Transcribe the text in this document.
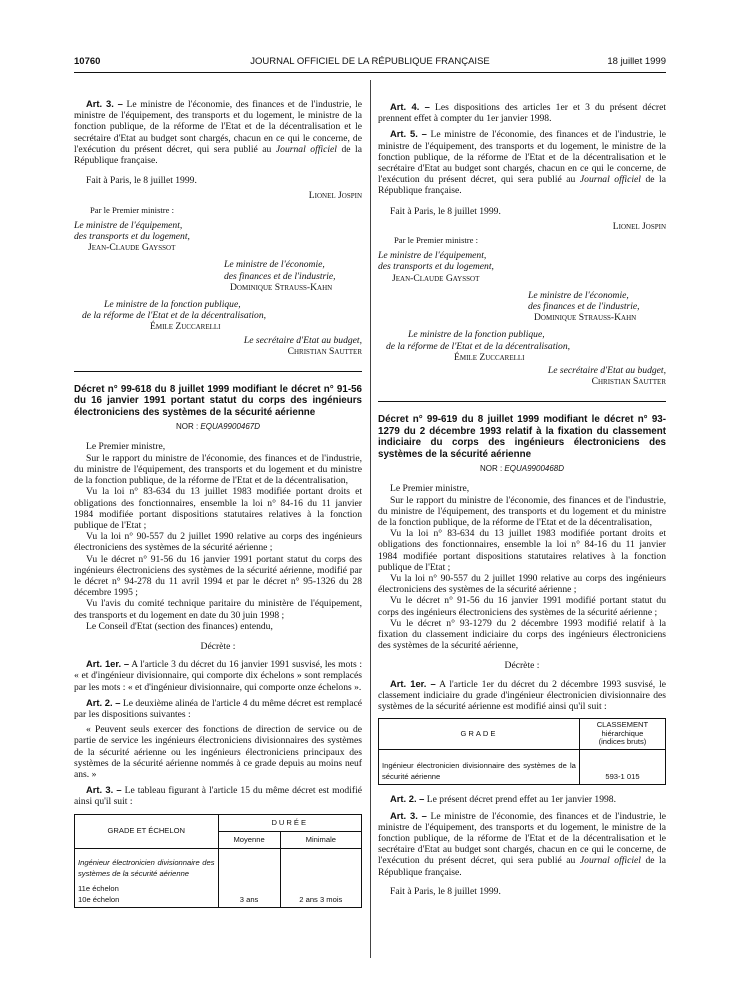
10760	JOURNAL OFFICIEL DE LA RÉPUBLIQUE FRANÇAISE	18 juillet 1999

Art. 3. – Le ministre de l'économie, des finances et de l'industrie, le ministre de l'équipement, des transports et du logement, le ministre de la fonction publique, de la réforme de l'Etat et de la décentralisation et le secrétaire d'Etat au budget sont chargés, chacun en ce qui le concerne, de l'exécution du présent décret, qui sera publié au Journal officiel de la République française.

Fait à Paris, le 8 juillet 1999.

Lionel Jospin
Par le Premier ministre :
Le ministre de l'équipement,
des transports et du logement,
Jean-Claude Gayssot
Le ministre de l'économie,
des finances et de l'industrie,
Dominique Strauss-Kahn
Le ministre de la fonction publique,
de la réforme de l'Etat et de la décentralisation,
Émile Zuccarelli
Le secrétaire d'Etat au budget,
Christian Sautter
Décret n° 99-618 du 8 juillet 1999 modifiant le décret n° 91-56 du 16 janvier 1991 portant statut du corps des ingénieurs électroniciens des systèmes de la sécurité aérienne
NOR : EQUA9900467D

Le Premier ministre,

Sur le rapport du ministre de l'économie, des finances et de l'industrie, du ministre de l'équipement, des transports et du logement et du ministre de la fonction publique, de la réforme de l'Etat et de la décentralisation,

Vu la loi n° 83-634 du 13 juillet 1983 modifiée portant droits et obligations des fonctionnaires, ensemble la loi n° 84-16 du 11 janvier 1984 modifiée portant dispositions statutaires relatives à la fonction publique de l'Etat ;

Vu la loi n° 90-557 du 2 juillet 1990 relative au corps des ingénieurs électroniciens des systèmes de la sécurité aérienne ;

Vu le décret n° 91-56 du 16 janvier 1991 portant statut du corps des ingénieurs électroniciens des systèmes de la sécurité aérienne, modifié par le décret n° 94-278 du 11 avril 1994 et par le décret n° 95-1326 du 28 décembre 1995 ;

Vu l'avis du comité technique paritaire du ministère de l'équipement, des transports et du logement en date du 30 juin 1998 ;

Le Conseil d'Etat (section des finances) entendu,

Décrète :

Art. 1er. – A l'article 3 du décret du 16 janvier 1991 susvisé, les mots : « et d'ingénieur divisionnaire, qui comporte dix échelons » sont remplacés par les mots : « et d'ingénieur divisionnaire, qui comporte onze échelons ».

Art. 2. – Le deuxième alinéa de l'article 4 du même décret est remplacé par les dispositions suivantes :

« Peuvent seuls exercer des fonctions de direction de service ou de partie de service les ingénieurs électroniciens divisionnaires des systèmes de la sécurité aérienne ou les ingénieurs électroniciens principaux des systèmes de la sécurité aérienne nommés à ce grade depuis au moins neuf ans. »

Art. 3. – Le tableau figurant à l'article 15 du même décret est modifié ainsi qu'il suit :

GRADE ET ÉCHELON	DURÉE	
	Moyenne	Minimale

Ingénieur électronicien divisionnaire des systèmes de la sécurité aérienne
11e échelon
10e échelon	3 ans	2 ans 3 mois

Art. 4. – Les dispositions des articles 1er et 3 du présent décret prennent effet à compter du 1er janvier 1998.

Art. 5. – Le ministre de l'économie, des finances et de l'industrie, le ministre de l'équipement, des transports et du logement, le ministre de la fonction publique, de la réforme de l'Etat et de la décentralisation et le secrétaire d'Etat au budget sont chargés, chacun en ce qui le concerne, de l'exécution du présent décret, qui sera publié au Journal officiel de la République française.

Fait à Paris, le 8 juillet 1999.

Lionel Jospin
Par le Premier ministre :
Le ministre de l'équipement,
des transports et du logement,
Jean-Claude Gayssot
Le ministre de l'économie,
des finances et de l'industrie,
Dominique Strauss-Kahn
Le ministre de la fonction publique,
de la réforme de l'Etat et de la décentralisation,
Émile Zuccarelli
Le secrétaire d'Etat au budget,
Christian Sautter
Décret n° 99-619 du 8 juillet 1999 modifiant le décret n° 93-1279 du 2 décembre 1993 relatif à la fixation du classement indiciaire du corps des ingénieurs électroniciens des systèmes de la sécurité aérienne
NOR : EQUA9900468D

Le Premier ministre,

Sur le rapport du ministre de l'économie, des finances et de l'industrie, du ministre de l'équipement, des transports et du logement et du ministre de la fonction publique, de la réforme de l'Etat et de la décentralisation,

Vu la loi n° 83-634 du 13 juillet 1983 modifiée portant droits et obligations des fonctionnaires, ensemble la loi n° 84-16 du 11 janvier 1984 modifiée portant dispositions statutaires relatives à la fonction publique de l'Etat ;

Vu la loi n° 90-557 du 2 juillet 1990 relative au corps des ingénieurs électroniciens des systèmes de la sécurité aérienne ;

Vu le décret n° 91-56 du 16 janvier 1991 modifié portant statut du corps des ingénieurs électroniciens des systèmes de la sécurité aérienne ;

Vu le décret n° 93-1279 du 2 décembre 1993 modifié relatif à la fixation du classement indiciaire du corps des ingénieurs électroniciens des systèmes de la sécurité aérienne,

Décrète :

Art. 1er. – A l'article 1er du décret du 2 décembre 1993 susvisé, le classement indiciaire du grade d'ingénieur électronicien divisionnaire des systèmes de la sécurité aérienne est modifié ainsi qu'il suit :

GRADE	CLASSEMENT
hiérarchique
(indices bruts)

Ingénieur électronicien divisionnaire des systèmes de la sécurité aérienne	593-1 015

Art. 2. – Le présent décret prend effet au 1er janvier 1998.

Art. 3. – Le ministre de l'économie, des finances et de l'industrie, le ministre de l'équipement, des transports et du logement, le ministre de la fonction publique, de la réforme de l'Etat et de la décentralisation et le secrétaire d'Etat au budget sont chargés, chacun en ce qui le concerne, de l'exécution du présent décret, qui sera publié au Journal officiel de la République française.

Fait à Paris, le 8 juillet 1999.
